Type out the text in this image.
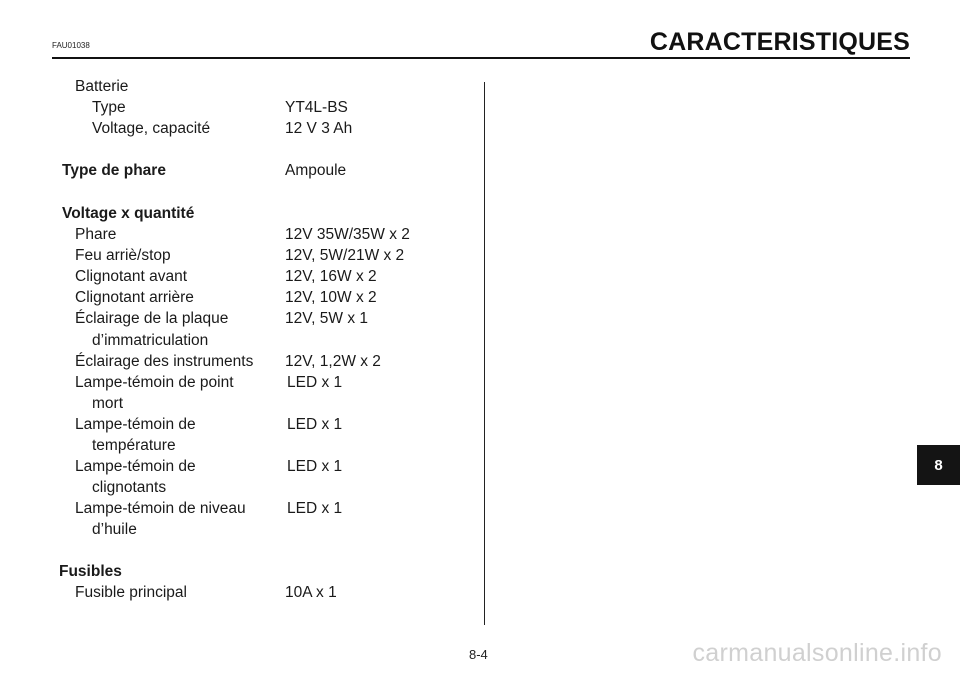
FAU01038	CARACTERISTIQUES
Batterie
Type	YT4L-BS
Voltage, capacité	12 V 3 Ah
Type de phare	Ampoule
Voltage x quantité
Phare	12V 35W/35W x 2
Feu arriè/stop	12V, 5W/21W x 2
Clignotant avant	12V, 16W x 2
Clignotant arrière	12V, 10W x 2
Éclairage de la plaque	12V, 5W x 1
d’immatriculation
Éclairage des instruments 12V, 1,2W x 2
Lampe-témoin de point	LED x 1
mort
Lampe-témoin de	LED x 1
température
Lampe-témoin de	LED x 1
clignotants
Lampe-témoin de niveau	LED x 1
d’huile
Fusibles
Fusible principal	10A x 1
8
8-4	carmanualsonline.info
